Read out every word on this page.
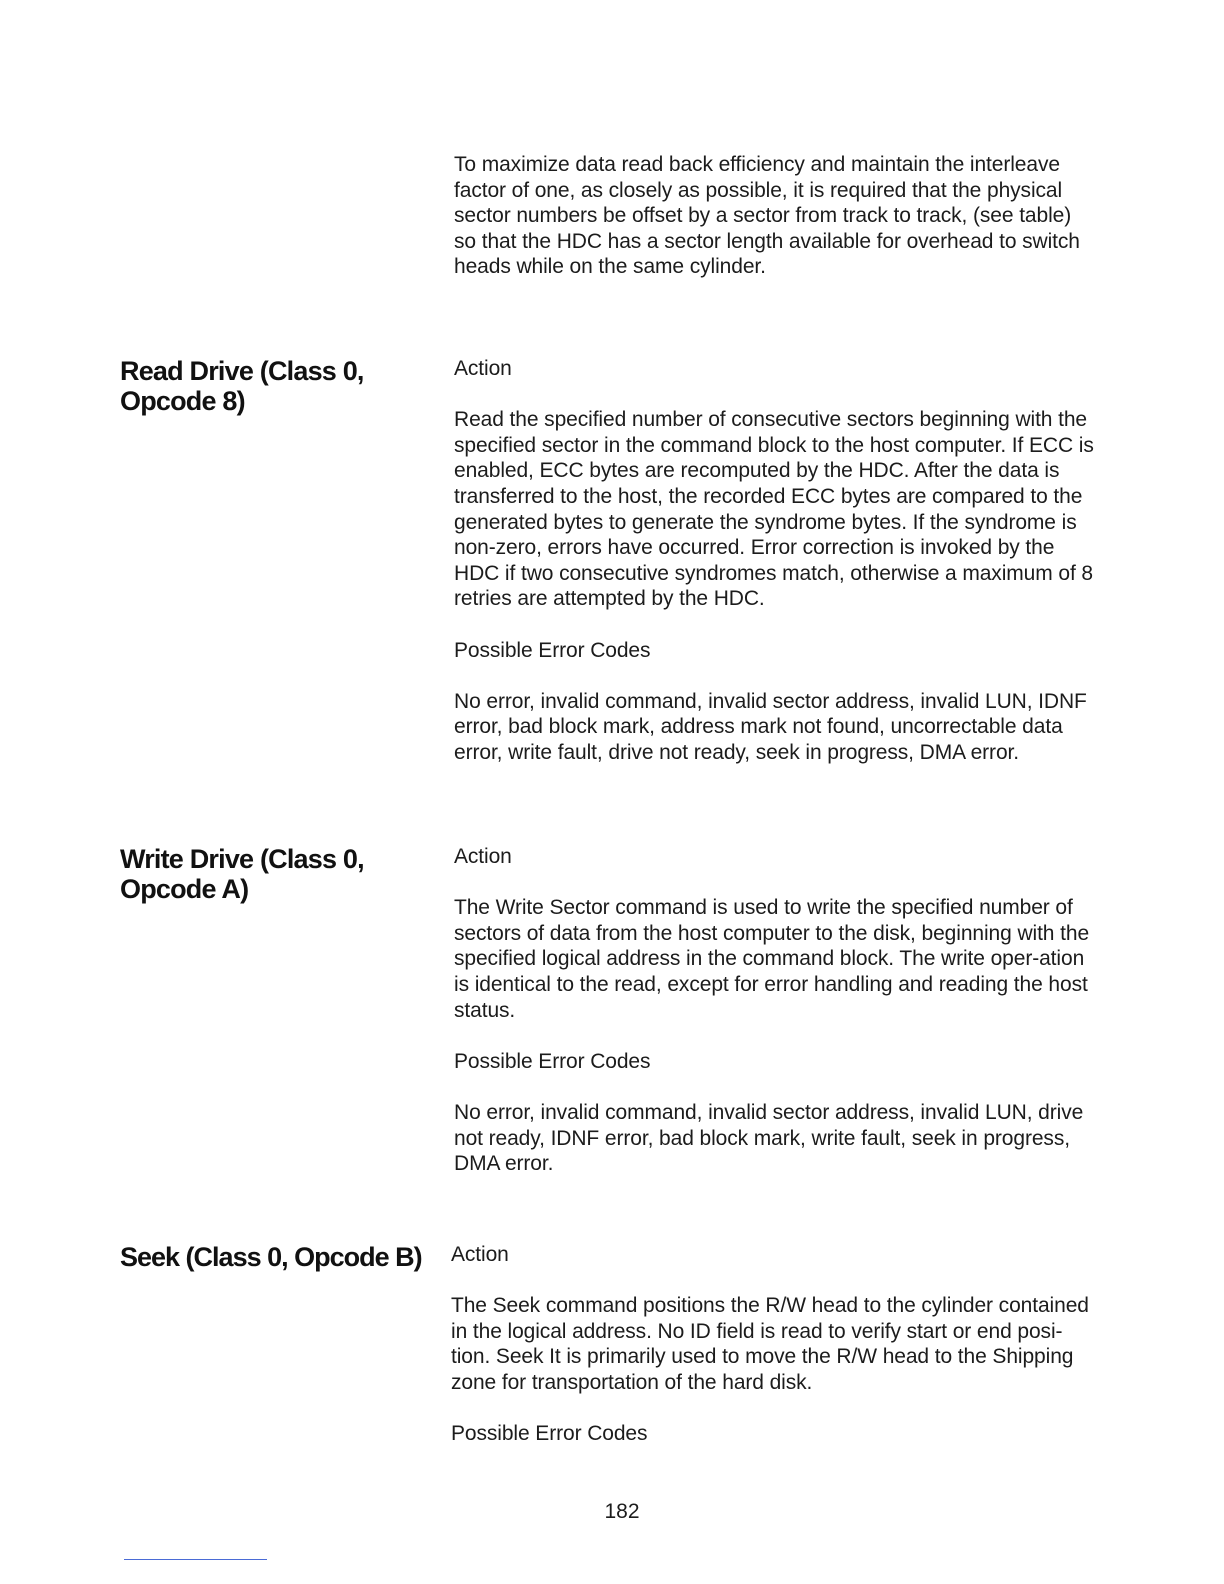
To maximize data read back efficiency and maintain the interleave factor of one, as closely as possible, it is required that the physical sector numbers be offset by a sector from track to track, (see table) so that the HDC has a sector length available for overhead to switch heads while on the same cylinder.

Read Drive (Class 0, Opcode 8)

Action

Read the specified number of consecutive sectors beginning with the specified sector in the command block to the host computer. If ECC is enabled, ECC bytes are recomputed by the HDC. After the data is transferred to the host, the recorded ECC bytes are compared to the generated bytes to generate the syndrome bytes. If the syndrome is non-zero, errors have occurred. Error correction is invoked by the HDC if two consecutive syndromes match, otherwise a maximum of 8 retries are attempted by the HDC.

Possible Error Codes

No error, invalid command, invalid sector address, invalid LUN, IDNF error, bad block mark, address mark not found, uncorrectable data error, write fault, drive not ready, seek in progress, DMA error.

Write Drive (Class 0, Opcode A)

Action

The Write Sector command is used to write the specified number of sectors of data from the host computer to the disk, beginning with the specified logical address in the command block. The write oper-ation is identical to the read, except for error handling and reading the host status.

Possible Error Codes

No error, invalid command, invalid sector address, invalid LUN, drive not ready, IDNF error, bad block mark, write fault, seek in progress, DMA error.

Seek (Class 0, Opcode B)	Action

The Seek command positions the R/W head to the cylinder contained in the logical address. No ID field is read to verify start or end posi-tion. Seek It is primarily used to move the R/W head to the Shipping zone for transportation of the hard disk.

Possible Error Codes

182
